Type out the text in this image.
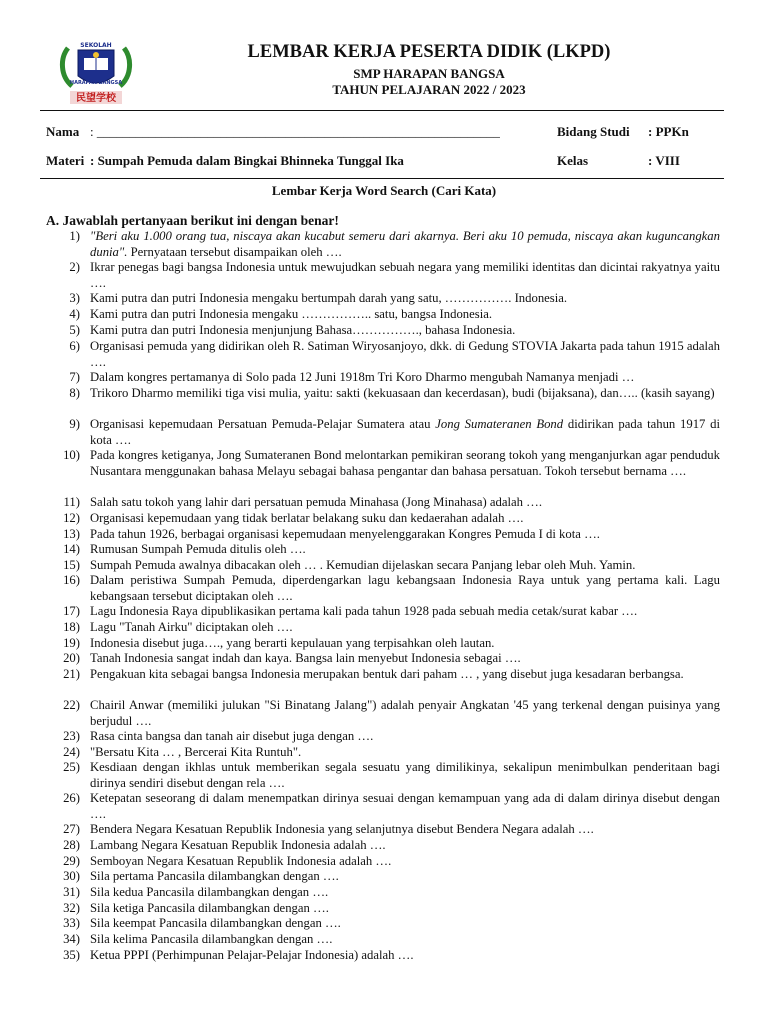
SEKOLAH
HARAPAN BANGSA
民望学校
LEMBAR KERJA PESERTA DIDIK (LKPD)
SMP HARAPAN BANGSA
TAHUN PELAJARAN 2022 / 2023
Nama : ______________________________________________________________	Bidang Studi : PPKn
Materi : Sumpah Pemuda dalam Bingkai Bhinneka Tunggal Ika	Kelas	: VIII
Lembar Kerja Word Search (Cari Kata)
A. Jawablah pertanyaan berikut ini dengan benar!
1) "Beri aku 1.000 orang tua, niscaya akan kucabut semeru dari akarnya. Beri aku 10 pemuda, niscaya akan kuguncangkan dunia". Pernyataan tersebut disampaikan oleh ….
2) Ikrar penegas bagi bangsa Indonesia untuk mewujudkan sebuah negara yang memiliki identitas dan dicintai rakyatnya yaitu ….
3) Kami putra dan putri Indonesia mengaku bertumpah darah yang satu, ……………. Indonesia.
4) Kami putra dan putri Indonesia mengaku …………….. satu, bangsa Indonesia.
5) Kami putra dan putri Indonesia menjunjung Bahasa……………., bahasa Indonesia.
6) Organisasi pemuda yang didirikan oleh R. Satiman Wiryosanjoyo, dkk. di Gedung STOVIA Jakarta pada tahun 1915 adalah ….
7) Dalam kongres pertamanya di Solo pada 12 Juni 1918m Tri Koro Dharmo mengubah Namanya menjadi …
8) Trikoro Dharmo memiliki tiga visi mulia, yaitu: sakti (kekuasaan dan kecerdasan), budi (bijaksana), dan….. (kasih sayang)
9) Organisasi kepemudaan Persatuan Pemuda-Pelajar Sumatera atau Jong Sumateranen Bond didirikan pada tahun 1917 di kota ….
10) Pada kongres ketiganya, Jong Sumateranen Bond melontarkan pemikiran seorang tokoh yang menganjurkan agar penduduk Nusantara menggunakan bahasa Melayu sebagai bahasa pengantar dan bahasa persatuan. Tokoh tersebut bernama ….
11) Salah satu tokoh yang lahir dari persatuan pemuda Minahasa (Jong Minahasa) adalah ….
12) Organisasi kepemudaan yang tidak berlatar belakang suku dan kedaerahan adalah ….
13) Pada tahun 1926, berbagai organisasi kepemudaan menyelenggarakan Kongres Pemuda I di kota ….
14) Rumusan Sumpah Pemuda ditulis oleh ….
15) Sumpah Pemuda awalnya dibacakan oleh … . Kemudian dijelaskan secara Panjang lebar oleh Muh. Yamin.
16) Dalam peristiwa Sumpah Pemuda, diperdengarkan lagu kebangsaan Indonesia Raya untuk yang pertama kali. Lagu kebangsaan tersebut diciptakan oleh ….
17) Lagu Indonesia Raya dipublikasikan pertama kali pada tahun 1928 pada sebuah media cetak/surat kabar ….
18) Lagu "Tanah Airku" diciptakan oleh ….
19) Indonesia disebut juga…., yang berarti kepulauan yang terpisahkan oleh lautan.
20) Tanah Indonesia sangat indah dan kaya. Bangsa lain menyebut Indonesia sebagai ….
21) Pengakuan kita sebagai bangsa Indonesia merupakan bentuk dari paham … , yang disebut juga kesadaran berbangsa.
22) Chairil Anwar (memiliki julukan "Si Binatang Jalang") adalah penyair Angkatan '45 yang terkenal dengan puisinya yang berjudul ….
23) Rasa cinta bangsa dan tanah air disebut juga dengan ….
24) "Bersatu Kita … , Bercerai Kita Runtuh".
25) Kesdiaan dengan ikhlas untuk memberikan segala sesuatu yang dimilikinya, sekalipun menimbulkan penderitaan bagi dirinya sendiri disebut dengan rela ….
26) Ketepatan seseorang di dalam menempatkan dirinya sesuai dengan kemampuan yang ada di dalam dirinya disebut dengan ….
27) Bendera Negara Kesatuan Republik Indonesia yang selanjutnya disebut Bendera Negara adalah ….
28) Lambang Negara Kesatuan Republik Indonesia adalah ….
29) Semboyan Negara Kesatuan Republik Indonesia adalah ….
30) Sila pertama Pancasila dilambangkan dengan ….
31) Sila kedua Pancasila dilambangkan dengan ….
32) Sila ketiga Pancasila dilambangkan dengan ….
33) Sila keempat Pancasila dilambangkan dengan ….
34) Sila kelima Pancasila dilambangkan dengan ….
35) Ketua PPPI (Perhimpunan Pelajar-Pelajar Indonesia) adalah ….
